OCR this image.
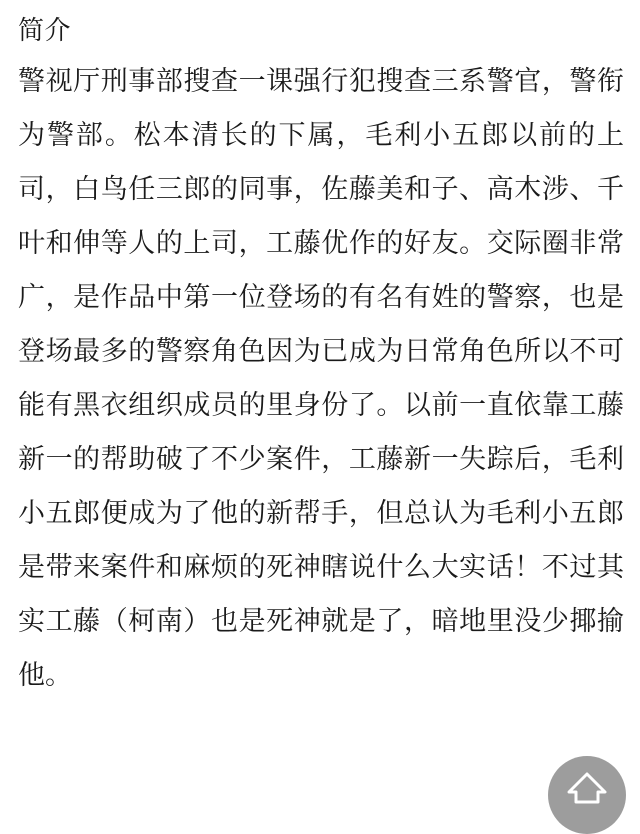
简介

警视厅刑事部搜查一课强行犯搜查三系警官，警衔为警部。松本清长的下属，毛利小五郎以前的上司，白鸟任三郎的同事，佐藤美和子、高木涉、千叶和伸等人的上司，工藤优作的好友。交际圈非常广，是作品中第一位登场的有名有姓的警察，也是登场最多的警察角色因为已成为日常角色所以不可能有黑衣组织成员的里身份了。以前一直依靠工藤新一的帮助破了不少案件，工藤新一失踪后，毛利小五郎便成为了他的新帮手，但总认为毛利小五郎是带来案件和麻烦的死神瞎说什么大实话！不过其实工藤（柯南）也是死神就是了，暗地里没少揶揄他。
